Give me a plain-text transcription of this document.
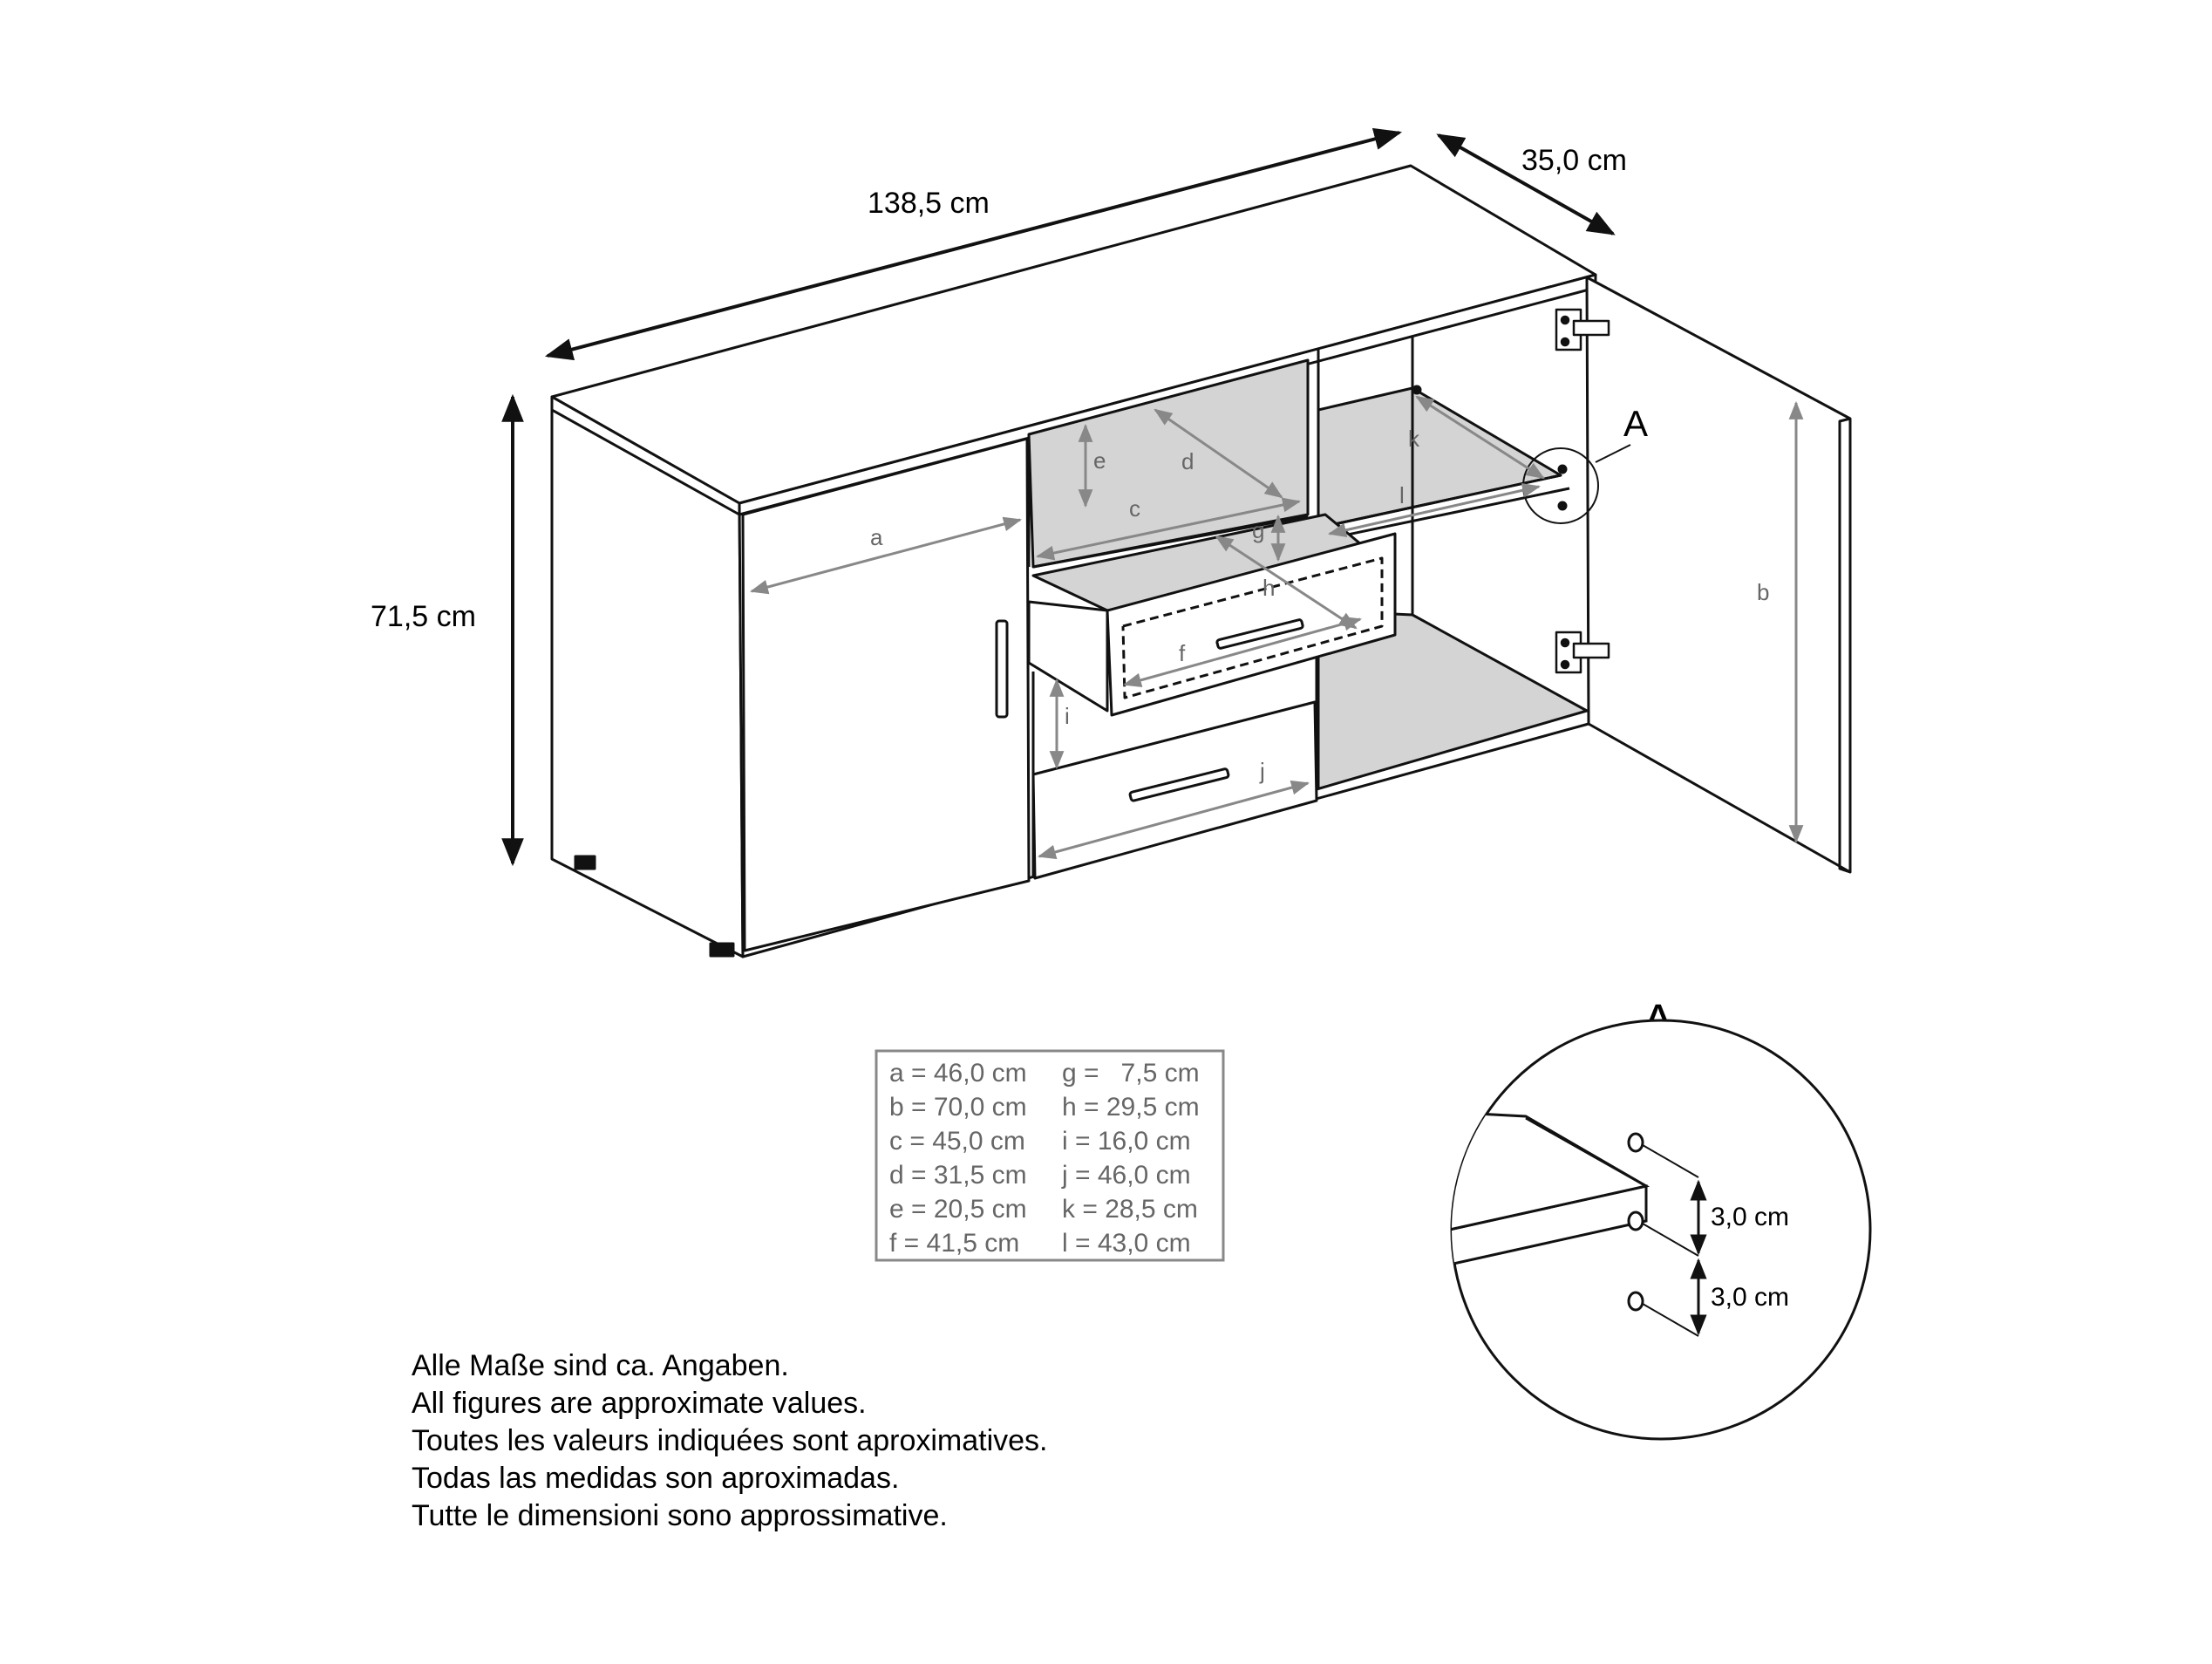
138,5 cm
35,0 cm
71,5 cm
a
b
c
d
e
f
g
h
i
j
k
l
A
a = 46,0 cm
b = 70,0 cm
c = 45,0 cm
d = 31,5 cm
e = 20,5 cm
f = 41,5 cm
g =   7,5 cm
h = 29,5 cm
i = 16,0 cm
j = 46,0 cm
k = 28,5 cm
l = 43,0 cm
3,0 cm
3,0 cm
Alle Maße sind ca. Angaben.
All figures are approximate values.
Toutes les valeurs indiquées sont aproximatives.
Todas las medidas son aproximadas.
Tutte le dimensioni sono approssimative.
